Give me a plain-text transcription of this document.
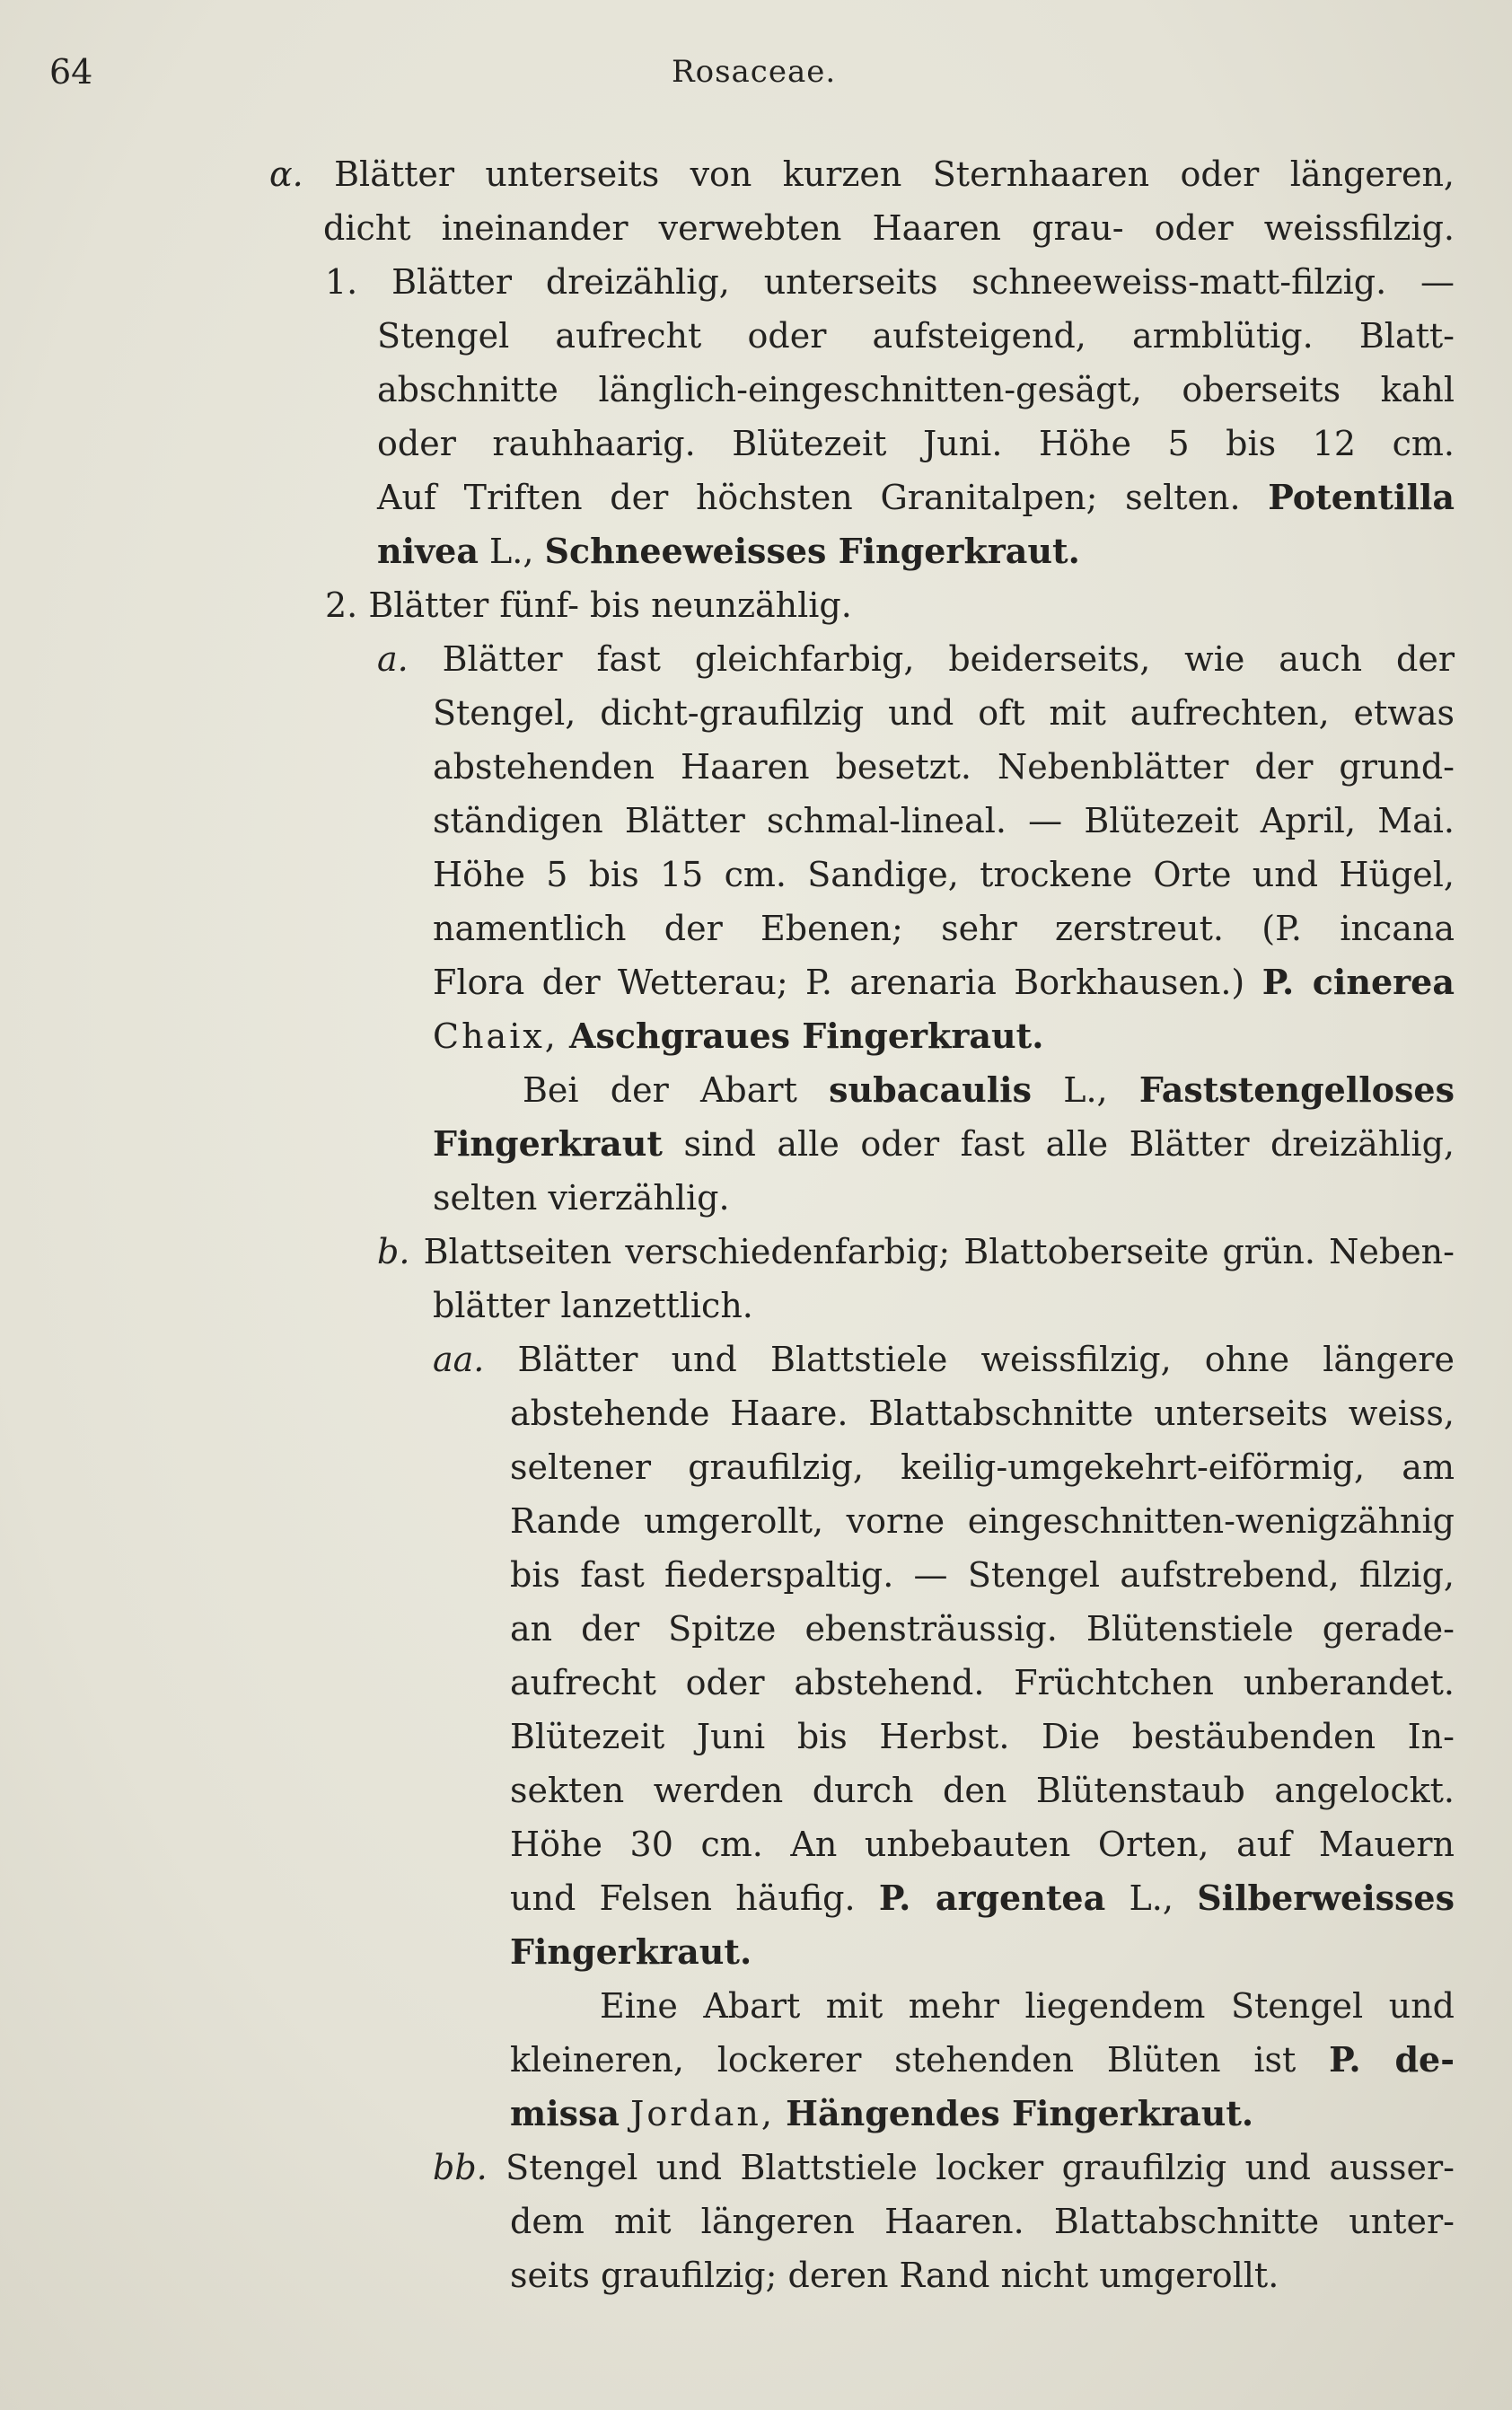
64	Rosaceae.
α. Blätter unterseits von kurzen Sternhaaren oder längeren,
dicht ineinander verwebten Haaren grau- oder weissfilzig.
1. Blätter dreizählig, unterseits schneeweiss-matt-filzig. —
Stengel aufrecht oder aufsteigend, armblütig. Blatt-
abschnitte länglich-eingeschnitten-gesägt, oberseits kahl
oder rauhhaarig. Blütezeit Juni. Höhe 5 bis 12 cm.
Auf Triften der höchsten Granitalpen; selten. Potentilla
nivea L., Schneeweisses Fingerkraut.
2. Blätter fünf- bis neunzählig.
a. Blätter fast gleichfarbig, beiderseits, wie auch der
Stengel, dicht-graufilzig und oft mit aufrechten, etwas
abstehenden Haaren besetzt. Nebenblätter der grund-
ständigen Blätter schmal-lineal. — Blütezeit April, Mai.
Höhe 5 bis 15 cm. Sandige, trockene Orte und Hügel,
namentlich der Ebenen; sehr zerstreut. (P. incana
Flora der Wetterau; P. arenaria Borkhausen.) P. cinerea
Chaix, Aschgraues Fingerkraut.
Bei der Abart subacaulis L., Faststengelloses
Fingerkraut sind alle oder fast alle Blätter dreizählig,
selten vierzählig.
b. Blattseiten verschiedenfarbig; Blattoberseite grün. Neben-
blätter lanzettlich.
aa. Blätter und Blattstiele weissfilzig, ohne längere
abstehende Haare. Blattabschnitte unterseits weiss,
seltener graufilzig, keilig-umgekehrt-eiförmig, am
Rande umgerollt, vorne eingeschnitten-wenigzähnig
bis fast fiederspaltig. — Stengel aufstrebend, filzig,
an der Spitze ebensträussig. Blütenstiele gerade-
aufrecht oder abstehend. Früchtchen unberandet.
Blütezeit Juni bis Herbst. Die bestäubenden In-
sekten werden durch den Blütenstaub angelockt.
Höhe 30 cm. An unbebauten Orten, auf Mauern
und Felsen häufig. P. argentea L., Silberweisses
Fingerkraut.
Eine Abart mit mehr liegendem Stengel und
kleineren, lockerer stehenden Blüten ist P. de-
missa Jordan, Hängendes Fingerkraut.
bb. Stengel und Blattstiele locker graufilzig und ausser-
dem mit längeren Haaren. Blattabschnitte unter-
seits graufilzig; deren Rand nicht umgerollt.
